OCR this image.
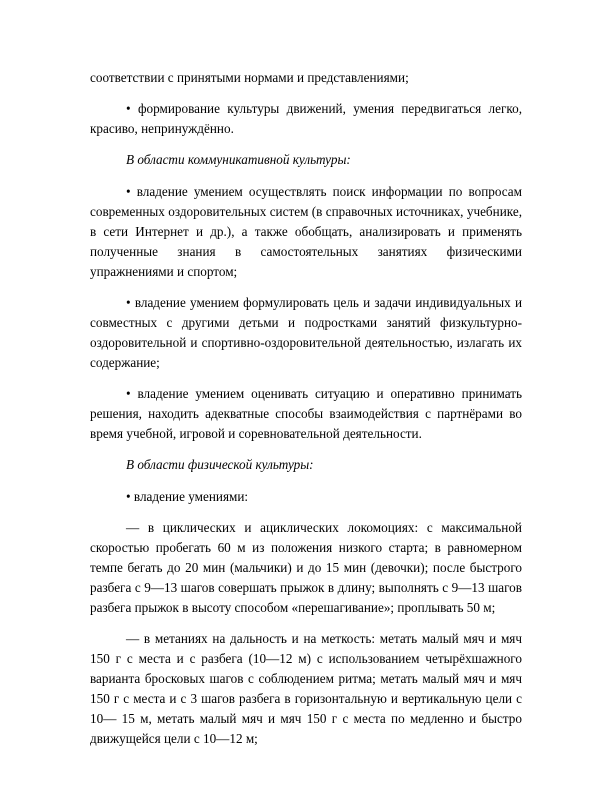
соответствии с принятыми нормами и представлениями;

• формирование культуры движений, умения передвигаться легко, красиво, непринуждённо.

В области коммуникативной культуры:

• владение умением осуществлять поиск информации по вопросам современных оздоровительных систем (в справочных источниках, учебнике, в сети Интернет и др.), а также обобщать, анализировать и применять полученные знания в самостоятельных занятиях физическими упражнениями и спортом;

• владение умением формулировать цель и задачи индивидуальных и совместных с другими детьми и подростками занятий физкультурно-оздоровительной и спортивно-оздоровительной деятельностью, излагать их содержание;

• владение умением оценивать ситуацию и оперативно принимать решения, находить адекватные способы взаимодействия с партнёрами во время учебной, игровой и соревновательной деятельности.

В области физической культуры:

• владение умениями:

— в циклических и ациклических локомоциях: с максимальной скоростью пробегать 60 м из положения низкого старта; в равномерном темпе бегать до 20 мин (мальчики) и до 15 мин (девочки); после быстрого разбега с 9—13 шагов совершать прыжок в длину; выполнять с 9—13 шагов разбега прыжок в высоту способом «перешагивание»; проплывать 50 м;

— в метаниях на дальность и на меткость: метать малый мяч и мяч 150 г с места и с разбега (10—12 м) с использованием четырёхшажного варианта бросковых шагов с соблюдением ритма; метать малый мяч и мяч 150 г с места и с 3 шагов разбега в горизонтальную и вертикальную цели с 10— 15 м, метать малый мяч и мяч 150 г с места по медленно и быстро движущейся цели с 10—12 м;
